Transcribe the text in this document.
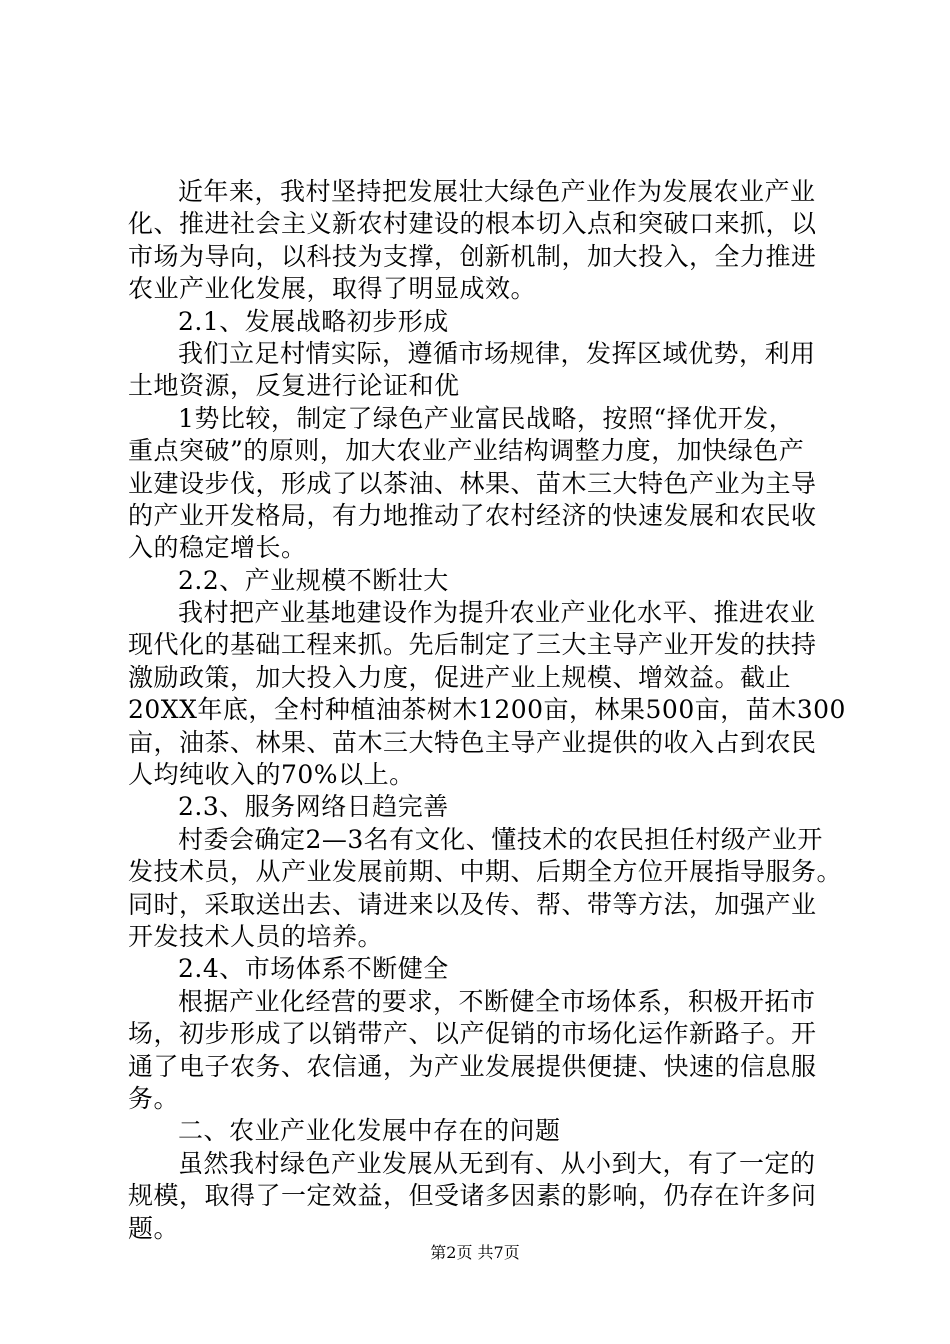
近年来，我村坚持把发展壮大绿色产业作为发展农业产业
化、推进社会主义新农村建设的根本切入点和突破口来抓，以
市场为导向，以科技为支撑，创新机制，加大投入，全力推进
农业产业化发展，取得了明显成效。
2.1、发展战略初步形成
我们立足村情实际，遵循市场规律，发挥区域优势，利用
土地资源，反复进行论证和优
1势比较，制定了绿色产业富民战略，按照“择优开发，
重点突破”的原则，加大农业产业结构调整力度，加快绿色产
业建设步伐，形成了以茶油、林果、苗木三大特色产业为主导
的产业开发格局，有力地推动了农村经济的快速发展和农民收
入的稳定增长。
2.2、产业规模不断壮大
我村把产业基地建设作为提升农业产业化水平、推进农业
现代化的基础工程来抓。先后制定了三大主导产业开发的扶持
激励政策，加大投入力度，促进产业上规模、增效益。截止
20XX年底，全村种植油茶树木1200亩，林果500亩，苗木300
亩，油茶、林果、苗木三大特色主导产业提供的收入占到农民
人均纯收入的70%以上。
2.3、服务网络日趋完善
村委会确定2—3名有文化、懂技术的农民担任村级产业开
发技术员，从产业发展前期、中期、后期全方位开展指导服务。
同时，采取送出去、请进来以及传、帮、带等方法，加强产业
开发技术人员的培养。
2.4、市场体系不断健全
根据产业化经营的要求，不断健全市场体系，积极开拓市
场，初步形成了以销带产、以产促销的市场化运作新路子。开
通了电子农务、农信通，为产业发展提供便捷、快速的信息服
务。
二、农业产业化发展中存在的问题
虽然我村绿色产业发展从无到有、从小到大，有了一定的
规模，取得了一定效益，但受诸多因素的影响，仍存在许多问
题。
第2页 共7页
